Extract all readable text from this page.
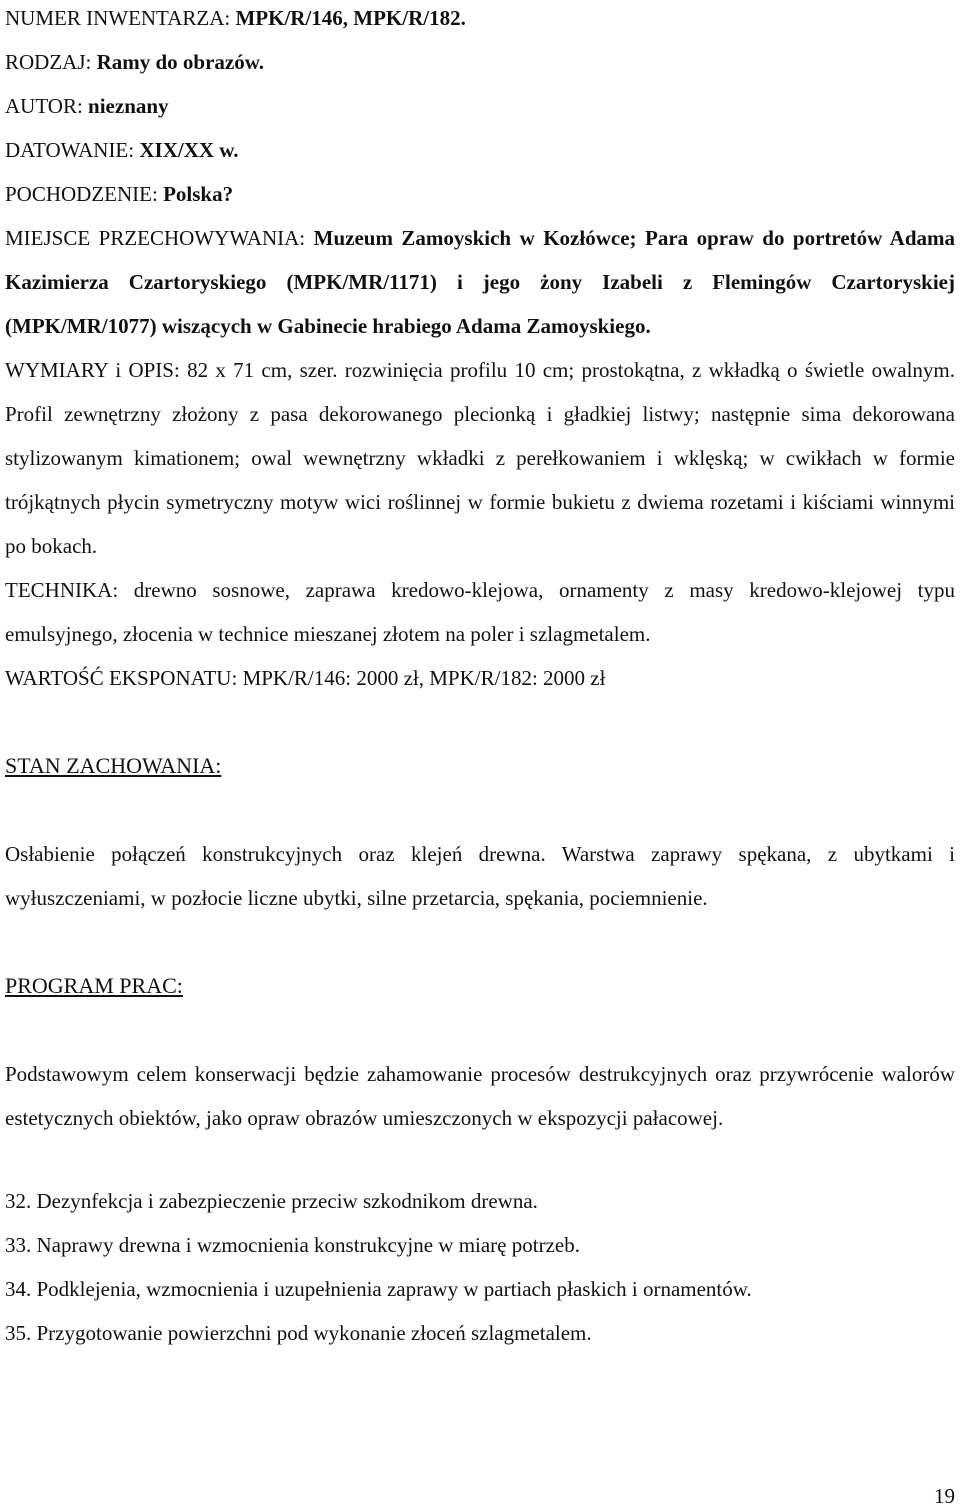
NUMER INWENTARZA: MPK/R/146, MPK/R/182.

RODZAJ: Ramy do obrazów.

AUTOR: nieznany

DATOWANIE: XIX/XX w.

POCHODZENIE: Polska?

MIEJSCE PRZECHOWYWANIA: Muzeum Zamoyskich w Kozłówce; Para opraw do portretów Adama Kazimierza Czartoryskiego (MPK/MR/1171) i jego żony Izabeli z Flemingów Czartoryskiej (MPK/MR/1077) wiszących w Gabinecie hrabiego Adama Zamoyskiego.

WYMIARY i OPIS: 82 x 71 cm, szer. rozwinięcia profilu 10 cm; prostokątna, z wkładką o świetle owalnym. Profil zewnętrzny złożony z pasa dekorowanego plecionką i gładkiej listwy; następnie sima dekorowana stylizowanym kimationem; owal wewnętrzny wkładki z perełkowaniem i wklęską; w cwikłach w formie trójkątnych płycin symetryczny motyw wici roślinnej w formie bukietu z dwiema rozetami i kiściami winnymi po bokach.

TECHNIKA: drewno sosnowe, zaprawa kredowo-klejowa, ornamenty z masy kredowo-klejowej typu emulsyjnego, złocenia w technice mieszanej złotem na poler i szlagmetalem.

WARTOŚĆ EKSPONATU: MPK/R/146: 2000 zł, MPK/R/182: 2000 zł

STAN ZACHOWANIA:

Osłabienie połączeń konstrukcyjnych oraz klejeń drewna. Warstwa zaprawy spękana, z ubytkami i wyłuszczeniami, w pozłocie liczne ubytki, silne przetarcia, spękania, pociemnienie.

PROGRAM PRAC:

Podstawowym celem konserwacji będzie zahamowanie procesów destrukcyjnych oraz przywrócenie walorów estetycznych obiektów, jako opraw obrazów umieszczonych w ekspozycji pałacowej.

32. Dezynfekcja i zabezpieczenie przeciw szkodnikom drewna.

33. Naprawy drewna i wzmocnienia konstrukcyjne w miarę potrzeb.

34. Podklejenia, wzmocnienia i uzupełnienia zaprawy w partiach płaskich i ornamentów.

35. Przygotowanie powierzchni pod wykonanie złoceń szlagmetalem.

19
